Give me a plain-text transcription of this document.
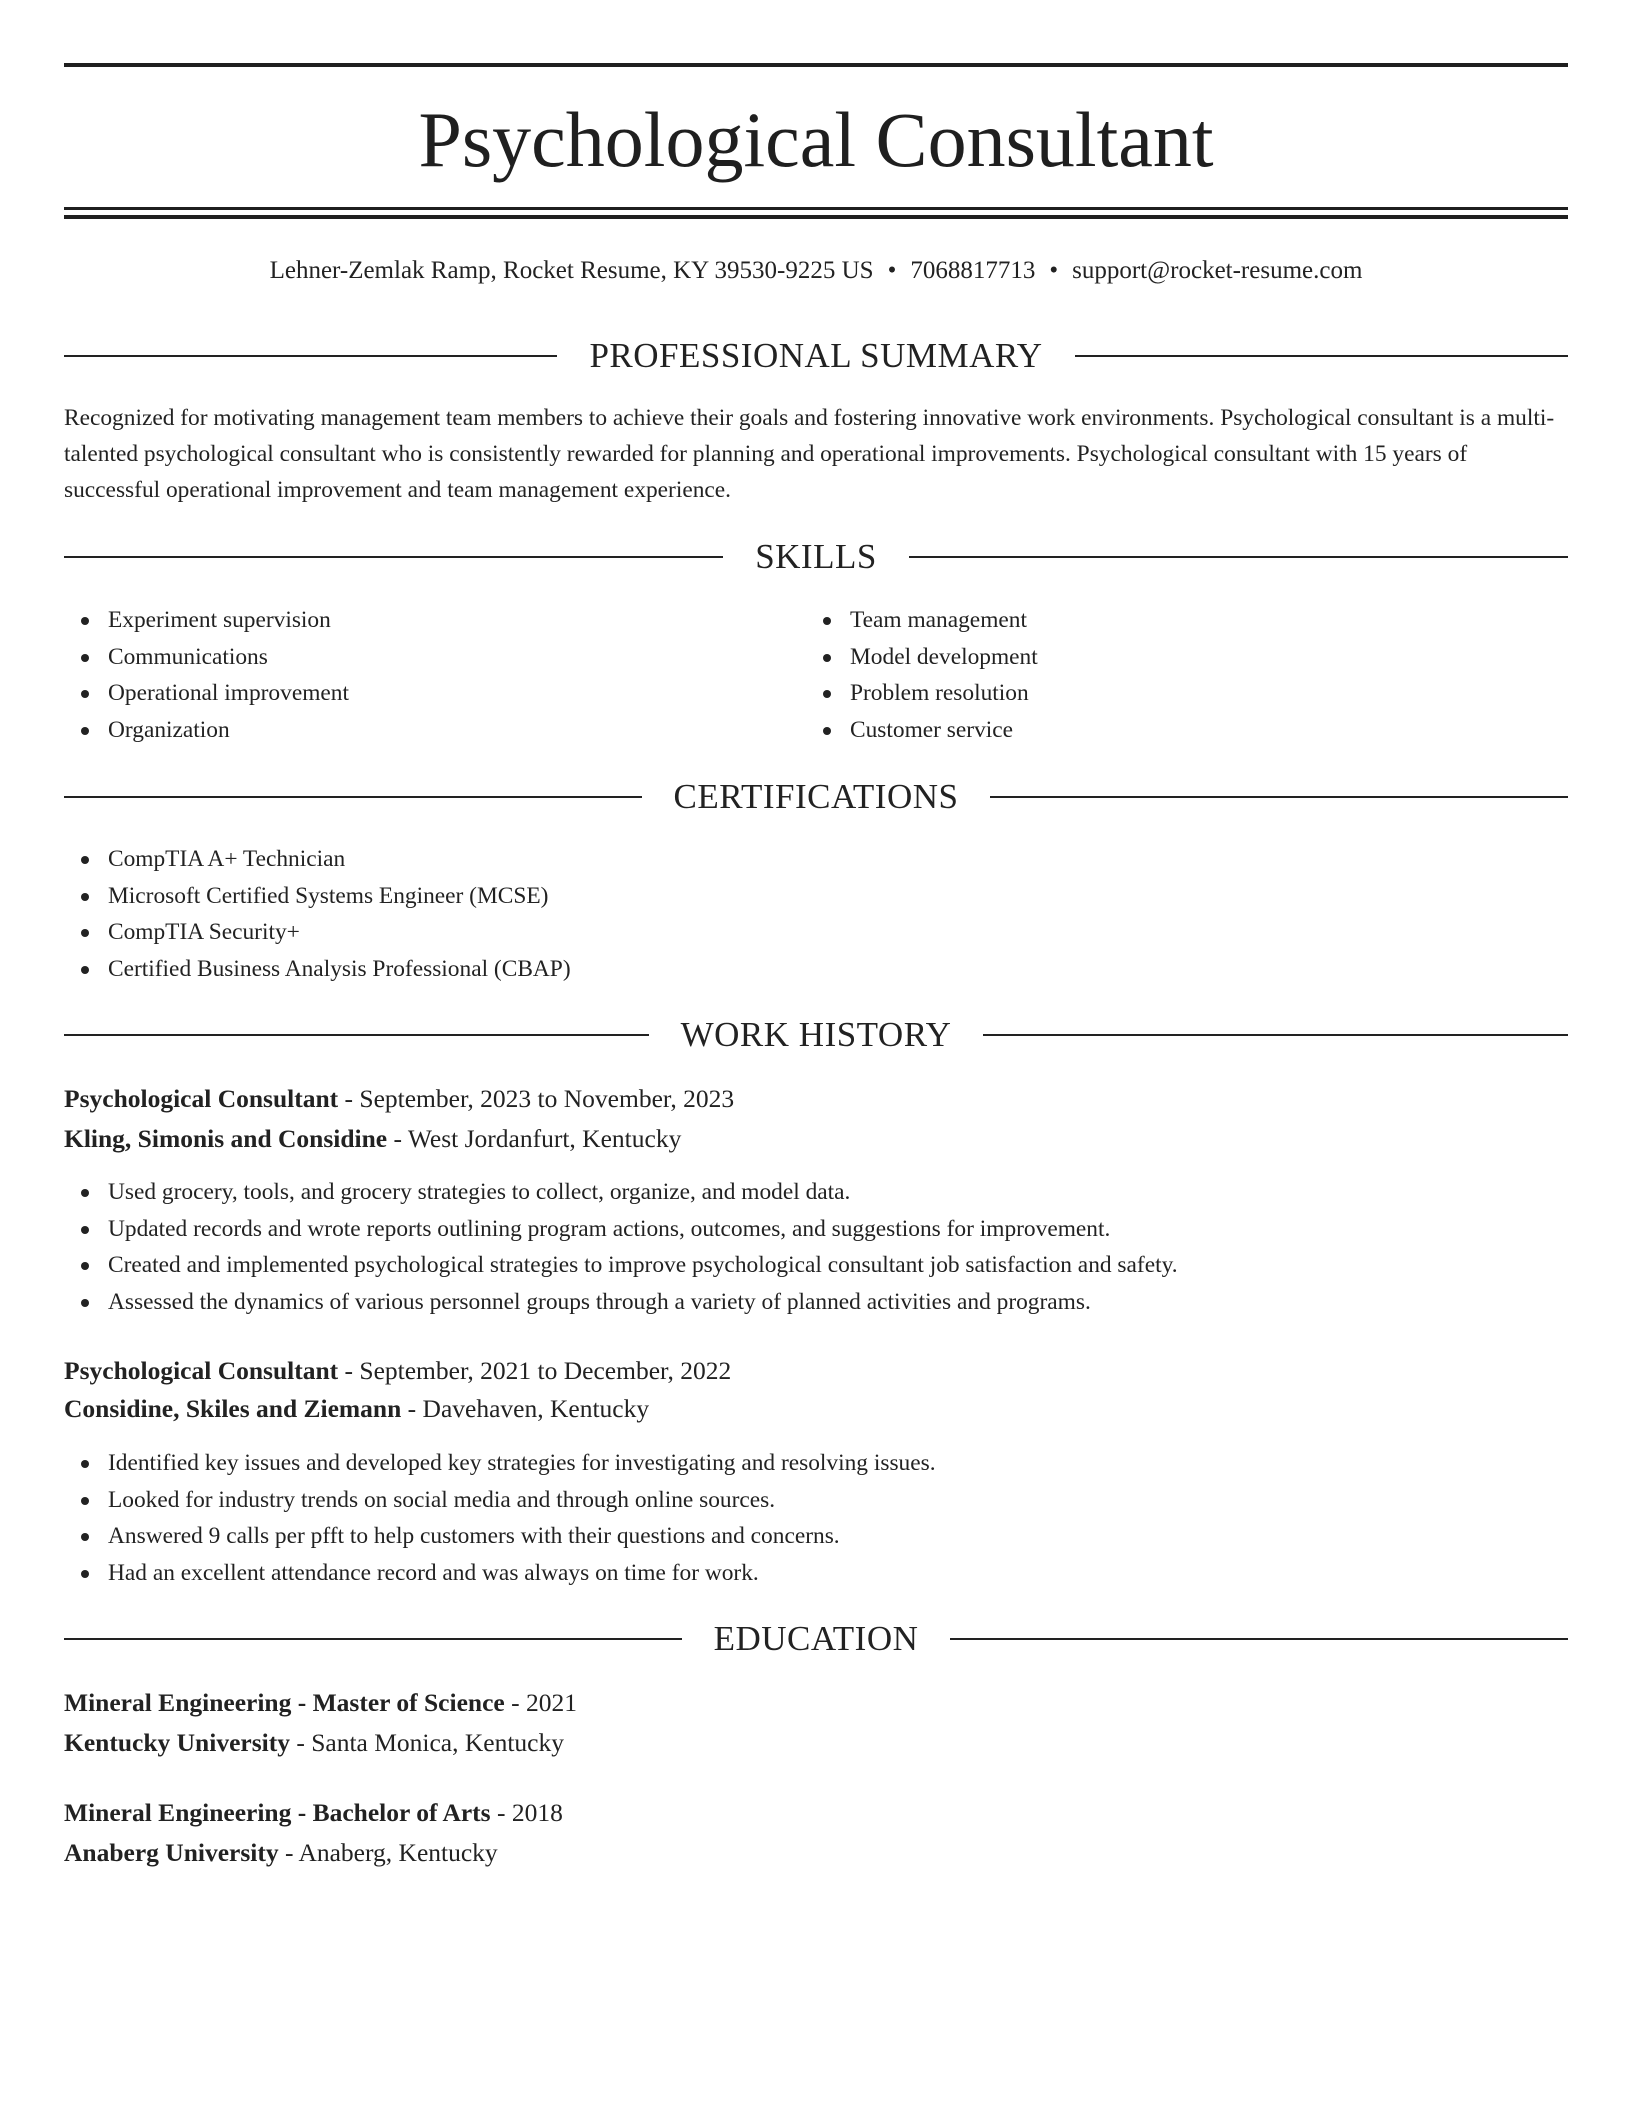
Psychological Consultant
Lehner-Zemlak Ramp, Rocket Resume, KY 39530-9225 US • 7068817713 • support@rocket-resume.com
PROFESSIONAL SUMMARY

Recognized for motivating management team members to achieve their goals and fostering innovative work environments. Psychological consultant is a multi-talented psychological consultant who is consistently rewarded for planning and operational improvements. Psychological consultant with 15 years of successful operational improvement and team management experience.

SKILLS
Experiment supervision
Communications
Operational improvement
Organization
Team management
Model development
Problem resolution
Customer service
CERTIFICATIONS
CompTIA A+ Technician
Microsoft Certified Systems Engineer (MCSE)
CompTIA Security+
Certified Business Analysis Professional (CBAP)
WORK HISTORY
Psychological Consultant - September, 2023 to November, 2023
Kling, Simonis and Considine - West Jordanfurt, Kentucky
Used grocery, tools, and grocery strategies to collect, organize, and model data.
Updated records and wrote reports outlining program actions, outcomes, and suggestions for improvement.
Created and implemented psychological strategies to improve psychological consultant job satisfaction and safety.
Assessed the dynamics of various personnel groups through a variety of planned activities and programs.
Psychological Consultant - September, 2021 to December, 2022
Considine, Skiles and Ziemann - Davehaven, Kentucky
Identified key issues and developed key strategies for investigating and resolving issues.
Looked for industry trends on social media and through online sources.
Answered 9 calls per pfft to help customers with their questions and concerns.
Had an excellent attendance record and was always on time for work.
EDUCATION
Mineral Engineering - Master of Science - 2021
Kentucky University - Santa Monica, Kentucky
Mineral Engineering - Bachelor of Arts - 2018
Anaberg University - Anaberg, Kentucky
